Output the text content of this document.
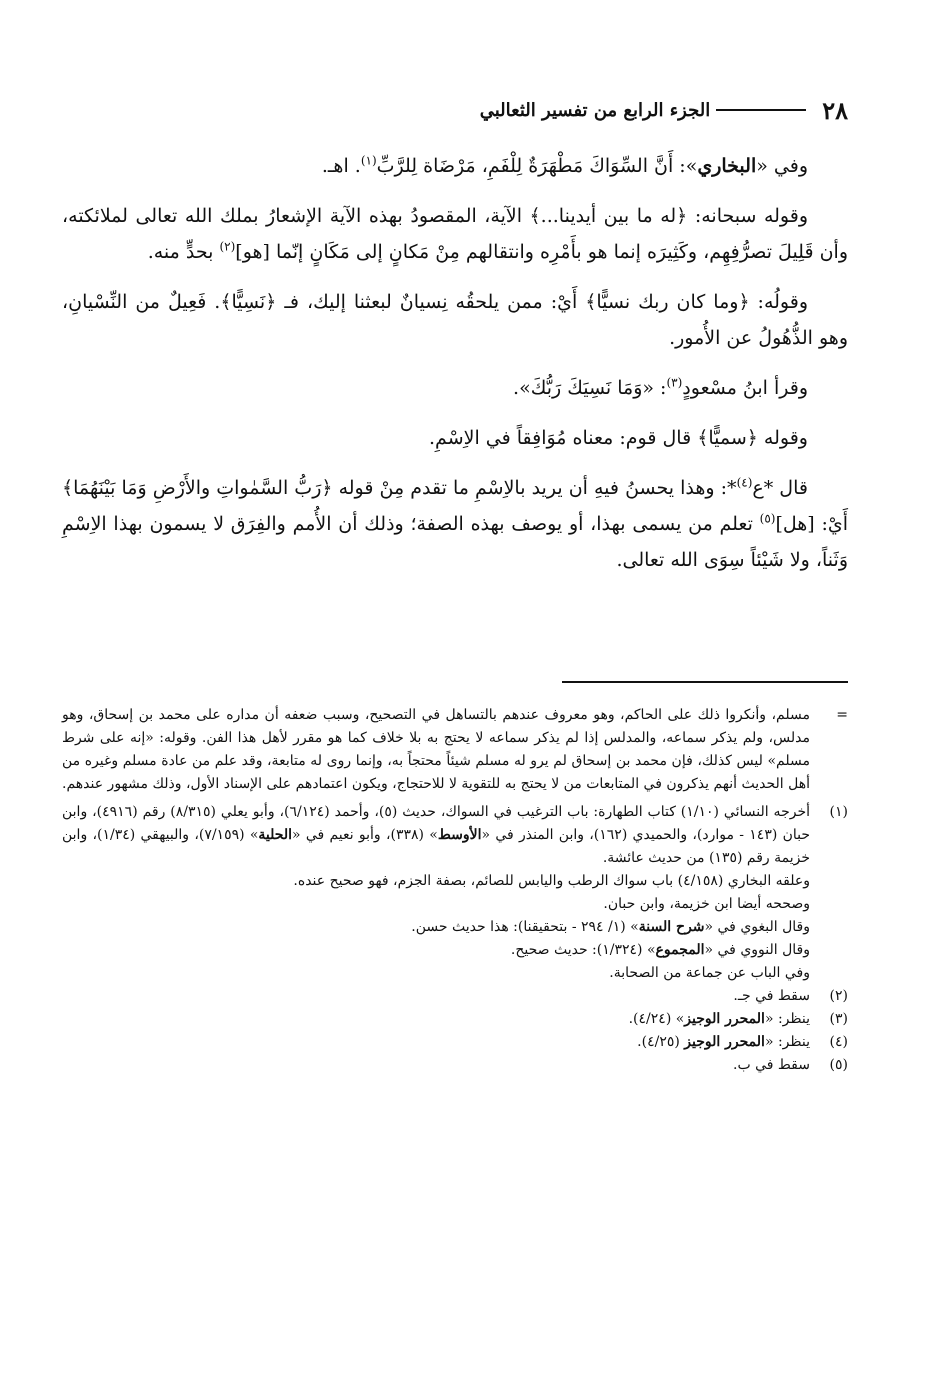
٢٨
الجزء الرابع من تفسير الثعالبي

وفي «البخاري»: أَنَّ السِّوَاكَ مَطْهَرَةٌ لِلْفَمِ، مَرْضَاة لِلرَّبِّ$^{(١)}$. اهـ.

وقوله سبحانه: ﴿له ما بين أيدينا...﴾ الآية، المقصودُ بهذه الآية الإشعارُ بملك الله تعالى لملائكته، وأن قَلِيلَ تصرُّفِهِم، وكَثِيرَه إنما هو بأَمْرِه وانتقالهم مِنْ مَكانٍ إلى مَكَانٍ إنّما [هو]$^{(٢)}$ بحدٍّ منه.

وقولُه: ﴿وما كان ربك نسيًّا﴾ أَيْ: ممن يلحقُه نِسيانٌ لبعثنا إليك، فـ ﴿نَسِيًّا﴾. فَعِيلٌ من النِّسْيانِ، وهو الذُّهُولُ عن الأُمور.

وقرأ ابنُ مسْعودٍ$^{(٣)}$: «وَمَا نَسِيَكَ رَبُّكَ».

وقوله ﴿سميًّا﴾ قال قوم: معناه مُوَافِقاً في الاِسْمِ.

قال *ع$^{(٤)}$*: وهذا يحسنُ فيهِ أن يريد بالاِسْمِ ما تقدم مِنْ قوله ﴿رَبُّ السَّمٰواتِ والأَرْضِ وَمَا بَيْنَهُمَا﴾ أَيْ: [هل]$^{(٥)}$ تعلم من يسمى بهذا، أو يوصف بهذه الصفة؛ وذلك أن الأُمم والفِرَق لا يسمون بهذا الاِسْمِ وَثَناً، ولا شَيْئاً سِوَى الله تعالى.

=
مسلم، وأنكروا ذلك على الحاكم، وهو معروف عندهم بالتساهل في التصحيح، وسبب ضعفه أن مداره على محمد بن إسحاق، وهو مدلس، ولم يذكر سماعه، والمدلس إذا لم يذكر سماعه لا يحتج به بلا خلاف كما هو مقرر لأهل هذا الفن. وقوله: «إنه على شرط مسلم» ليس كذلك، فإن محمد بن إسحاق لم يرو له مسلم شيئاً محتجاً به، وإنما روى له متابعة، وقد علم من عادة مسلم وغيره من أهل الحديث أنهم يذكرون في المتابعات من لا يحتج به للتقوية لا للاحتجاج، ويكون اعتمادهم على الإسناد الأول، وذلك مشهور عندهم.
(١)
أخرجه النسائي (١/١٠) كتاب الطهارة: باب الترغيب في السواك، حديث (٥)، وأحمد (٦/١٢٤)، وأبو يعلي (٨/٣١٥) رقم (٤٩١٦)، وابن حبان (١٤٣ - موارد)، والحميدي (١٦٢)، وابن المنذر في «الأوسط» (٣٣٨)، وأبو نعيم في «الحلية» (٧/١٥٩)، والبيهقي (١/٣٤)، وابن خزيمة رقم (١٣٥) من حديث عائشة.
وعلقه البخاري (٤/١٥٨) باب سواك الرطب واليابس للصائم، بصفة الجزم، فهو صحيح عنده.
وصححه أيضا ابن خزيمة، وابن حبان.
وقال البغوي في «شرح السنة» (١/ ٢٩٤ - بتحقيقنا): هذا حديث حسن.
وقال النووي في «المجموع» (١/٣٢٤): حديث صحيح.
وفي الباب عن جماعة من الصحابة.
(٢)
سقط في جـ.
(٣)
ينظر: «المحرر الوجيز» (٤/٢٤).
(٤)
ينظر: «المحرر الوجيز (٤/٢٥).
(٥)
سقط في ب.
